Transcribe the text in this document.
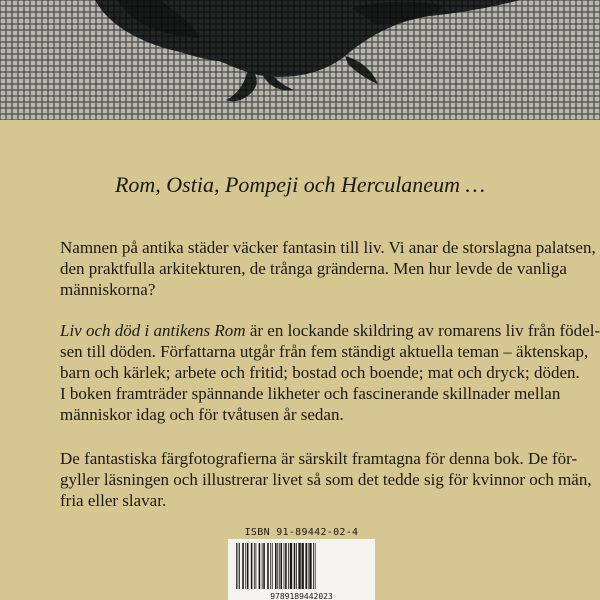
Rom, Ostia, Pompeji och Herculaneum …

Namnen på antika städer väcker fantasin till liv. Vi anar de storslagna palatsen,
den praktfulla arkitekturen, de trånga gränderna. Men hur levde de vanliga
människorna?

Liv och död i antikens Rom är en lockande skildring av romarens liv från födel-
sen till döden. Författarna utgår från fem ständigt aktuella teman – äktenskap,
barn och kärlek; arbete och fritid; bostad och boende; mat och dryck; döden.
I boken framträder spännande likheter och fascinerande skillnader mellan
människor idag och för tvåtusen år sedan.

De fantastiska färgfotografierna är särskilt framtagna för denna bok. De för-
gyller läsningen och illustrerar livet så som det tedde sig för kvinnor och män,
fria eller slavar.

ISBN 91-89442-02-4
9789189442023
